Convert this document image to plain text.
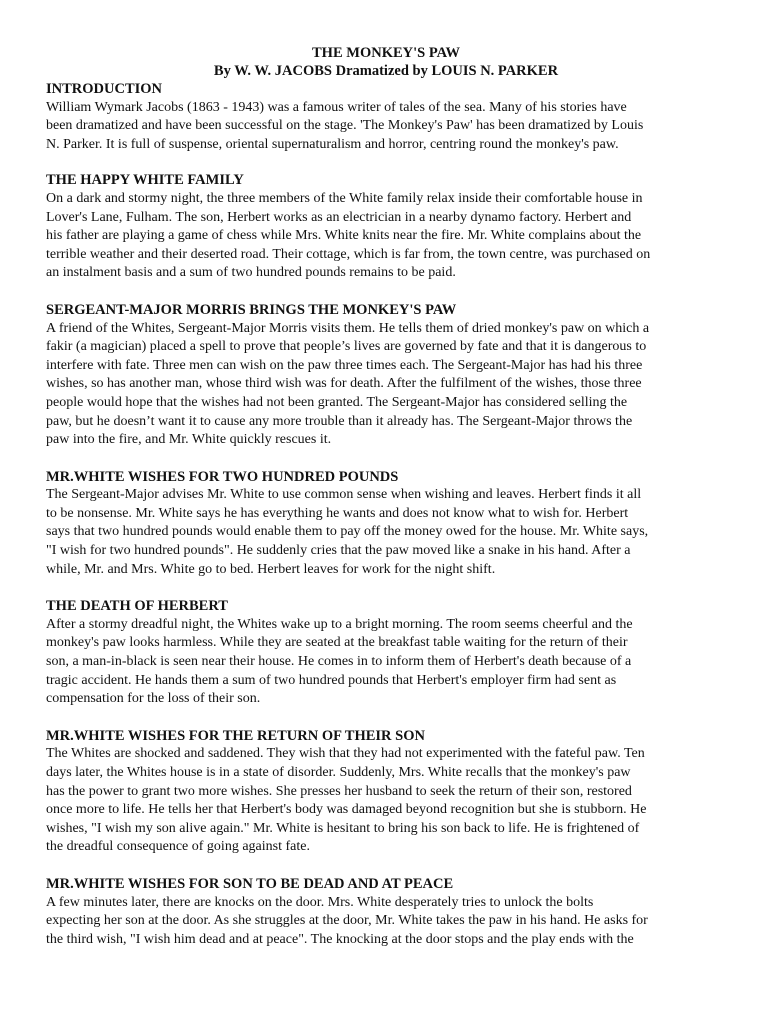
THE MONKEY'S PAW

By W. W. JACOBS Dramatized by LOUIS N. PARKER

INTRODUCTION

William Wymark Jacobs (1863 - 1943) was a famous writer of tales of the sea. Many of his stories have
been dramatized and have been successful on the stage. 'The Monkey's Paw' has been dramatized by Louis
N. Parker. It is full of suspense, oriental supernaturalism and horror, centring round the monkey's paw.

THE HAPPY WHITE FAMILY

On a dark and stormy night, the three members of the White family relax inside their comfortable house in
Lover's Lane, Fulham. The son, Herbert works as an electrician in a nearby dynamo factory. Herbert and
his father are playing a game of chess while Mrs. White knits near the fire. Mr. White complains about the
terrible weather and their deserted road. Their cottage, which is far from, the town centre, was purchased on
an instalment basis and a sum of two hundred pounds remains to be paid.

SERGEANT-MAJOR MORRIS BRINGS THE MONKEY'S PAW

A friend of the Whites, Sergeant-Major Morris visits them. He tells them of dried monkey's paw on which a
fakir (a magician) placed a spell to prove that people’s lives are governed by fate and that it is dangerous to
interfere with fate. Three men can wish on the paw three times each. The Sergeant-Major has had his three
wishes, so has another man, whose third wish was for death. After the fulfilment of the wishes, those three
people would hope that the wishes had not been granted. The Sergeant-Major has considered selling the
paw, but he doesn’t want it to cause any more trouble than it already has. The Sergeant-Major throws the
paw into the fire, and Mr. White quickly rescues it.

MR.WHITE WISHES FOR TWO HUNDRED POUNDS

The Sergeant-Major advises Mr. White to use common sense when wishing and leaves. Herbert finds it all
to be nonsense. Mr. White says he has everything he wants and does not know what to wish for. Herbert
says that two hundred pounds would enable them to pay off the money owed for the house. Mr. White says,
"I wish for two hundred pounds". He suddenly cries that the paw moved like a snake in his hand. After a
while, Mr. and Mrs. White go to bed. Herbert leaves for work for the night shift.

THE DEATH OF HERBERT

After a stormy dreadful night, the Whites wake up to a bright morning. The room seems cheerful and the
monkey's paw looks harmless. While they are seated at the breakfast table waiting for the return of their
son, a man-in-black is seen near their house. He comes in to inform them of Herbert's death because of a
tragic accident. He hands them a sum of two hundred pounds that Herbert's employer firm had sent as
compensation for the loss of their son.

MR.WHITE WISHES FOR THE RETURN OF THEIR SON

The Whites are shocked and saddened. They wish that they had not experimented with the fateful paw. Ten
days later, the Whites house is in a state of disorder. Suddenly, Mrs. White recalls that the monkey's paw
has the power to grant two more wishes. She presses her husband to seek the return of their son, restored
once more to life. He tells her that Herbert's body was damaged beyond recognition but she is stubborn. He
wishes, "I wish my son alive again." Mr. White is hesitant to bring his son back to life. He is frightened of
the dreadful consequence of going against fate.

MR.WHITE WISHES FOR SON TO BE DEAD AND AT PEACE

A few minutes later, there are knocks on the door. Mrs. White desperately tries to unlock the bolts
expecting her son at the door. As she struggles at the door, Mr. White takes the paw in his hand. He asks for
the third wish, "I wish him dead and at peace". The knocking at the door stops and the play ends with the
